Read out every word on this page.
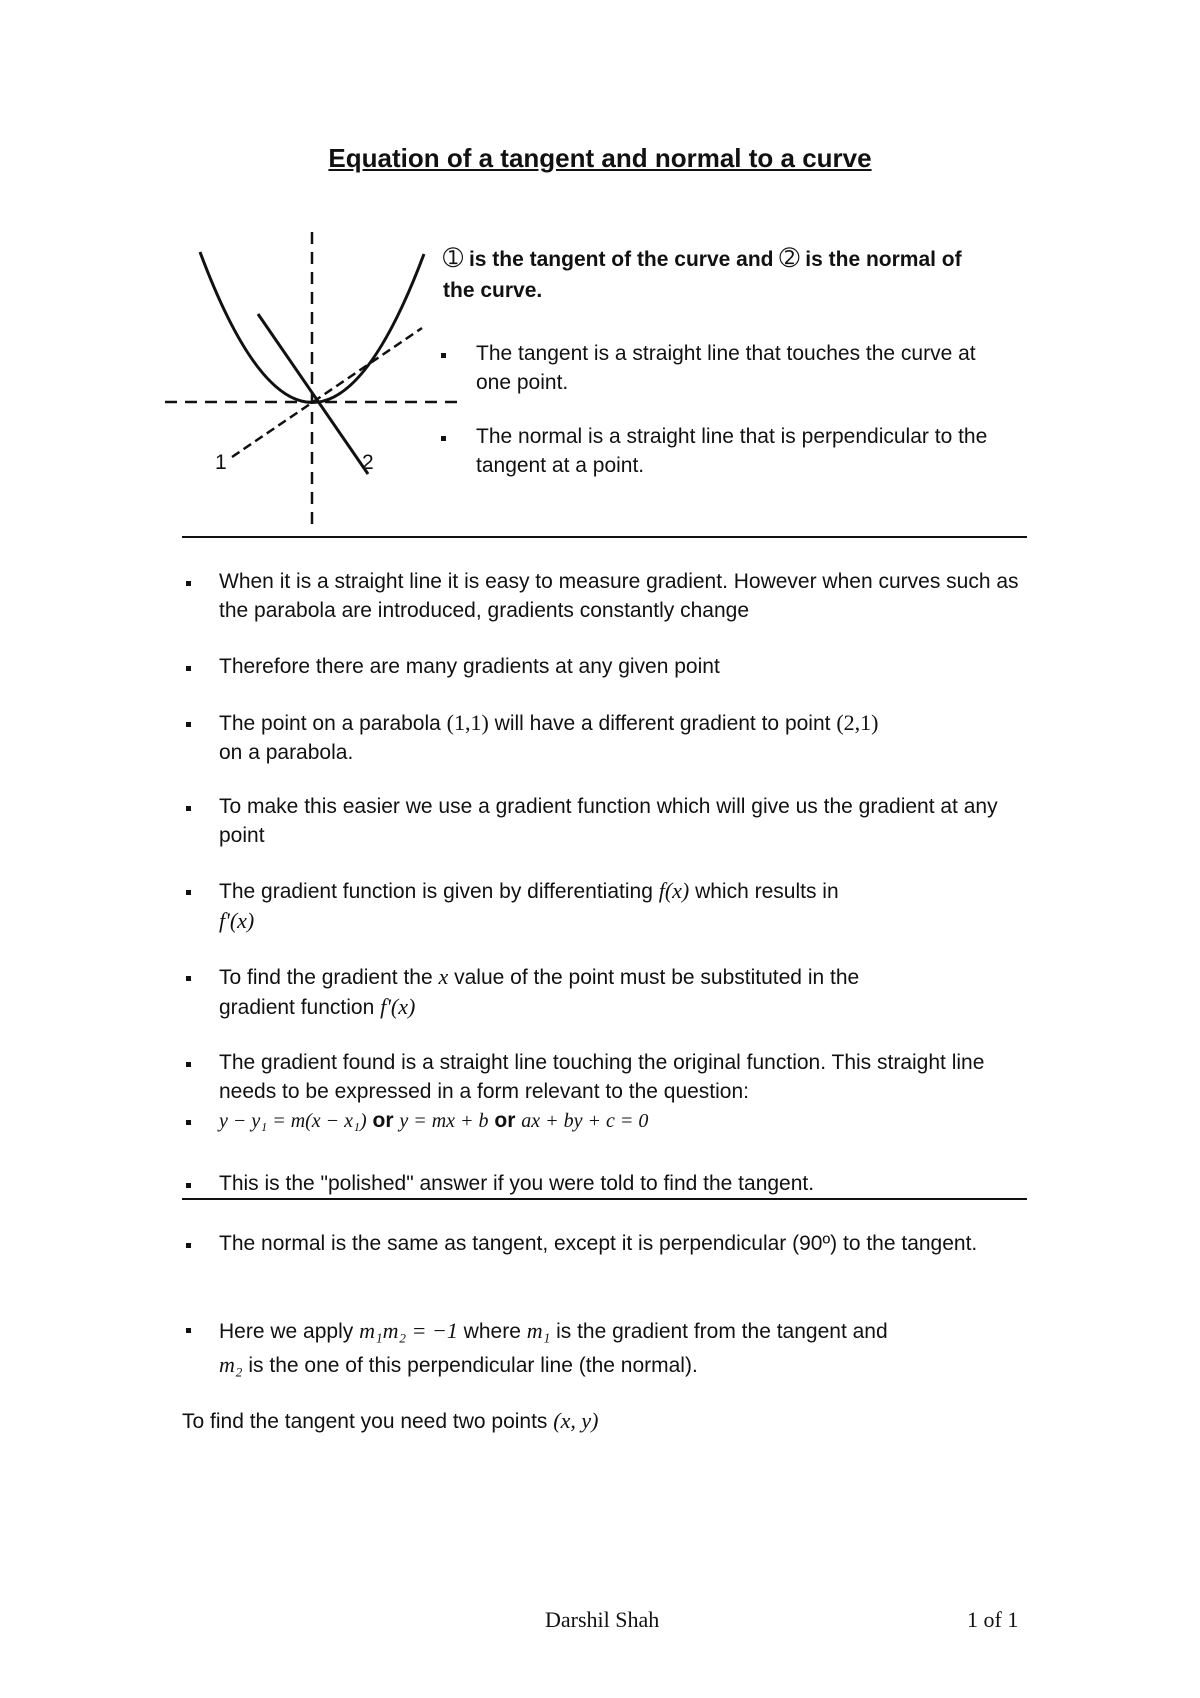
Equation of a tangent and normal to a curve
1	2
➀ is the tangent of the curve and ➁ is the normal of the curve.
The tangent is a straight line that touches the curve at one point.
The normal is a straight line that is perpendicular to the tangent at a point.
When it is a straight line it is easy to measure gradient. However when curves such as the parabola are introduced, gradients constantly change
Therefore there are many gradients at any given point
The point on a parabola (1,1) will have a different gradient to point (2,1)
on a parabola.
To make this easier we use a gradient function which will give us the gradient at any point
The gradient function is given by differentiating f(x) which results in
f'(x)
To find the gradient the x value of the point must be substituted in the
gradient function f'(x)
The gradient found is a straight line touching the original function. This straight line needs to be expressed in a form relevant to the question:
y − y₁ = m(x − x₁) or y = mx + b or ax + by + c = 0
This is the "polished" answer if you were told to find the tangent.
The normal is the same as tangent, except it is perpendicular (90º) to the tangent.
Here we apply m₁m₂ = −1 where m₁ is the gradient from the tangent and
m₂ is the one of this perpendicular line (the normal).
To find the tangent you need two points (x, y)
Darshil Shah	1 of 1
